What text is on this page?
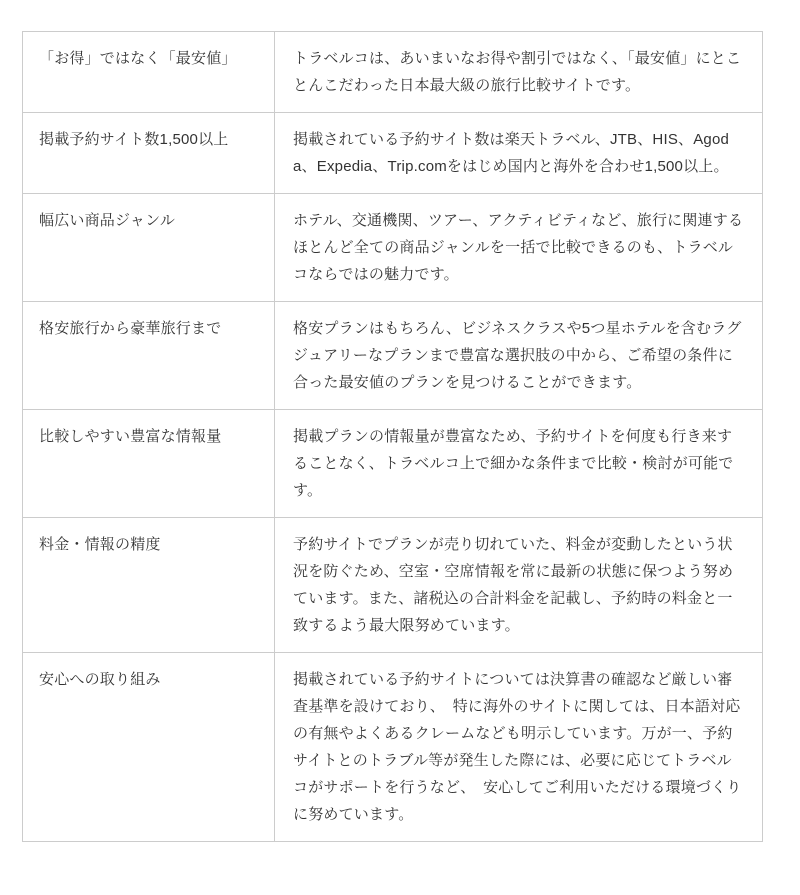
「お得」ではなく「最安値」	トラベルコは、あいまいなお得や割引ではなく、「最安値」にとことんこだわった日本最大級の旅行比較サイトです。
掲載予約サイト数1,500以上	掲載されている予約サイト数は楽天トラベル、JTB、HIS、Agoda、Expedia、Trip.comをはじめ国内と海外を合わせ1,500以上。
幅広い商品ジャンル	ホテル、交通機関、ツアー、アクティビティなど、旅行に関連するほとんど全ての商品ジャンルを一括で比較できるのも、トラベルコならではの魅力です。
格安旅行から豪華旅行まで	格安プランはもちろん、ビジネスクラスや5つ星ホテルを含むラグジュアリーなプランまで豊富な選択肢の中から、ご希望の条件に合った最安値のプランを見つけることができます。
比較しやすい豊富な情報量	掲載プランの情報量が豊富なため、予約サイトを何度も行き来することなく、トラベルコ上で細かな条件まで比較・検討が可能です。
料金・情報の精度	予約サイトでプランが売り切れていた、料金が変動したという状況を防ぐため、空室・空席情報を常に最新の状態に保つよう努めています。また、諸税込の合計料金を記載し、予約時の料金と一致するよう最大限努めています。
安心への取り組み	掲載されている予約サイトについては決算書の確認など厳しい審査基準を設けており、　特に海外のサイトに関しては、日本語対応の有無やよくあるクレームなども明示しています。万が一、予約サイトとのトラブル等が発生した際には、必要に応じてトラベルコがサポートを行うなど、　安心してご利用いただける環境づくりに努めています。
